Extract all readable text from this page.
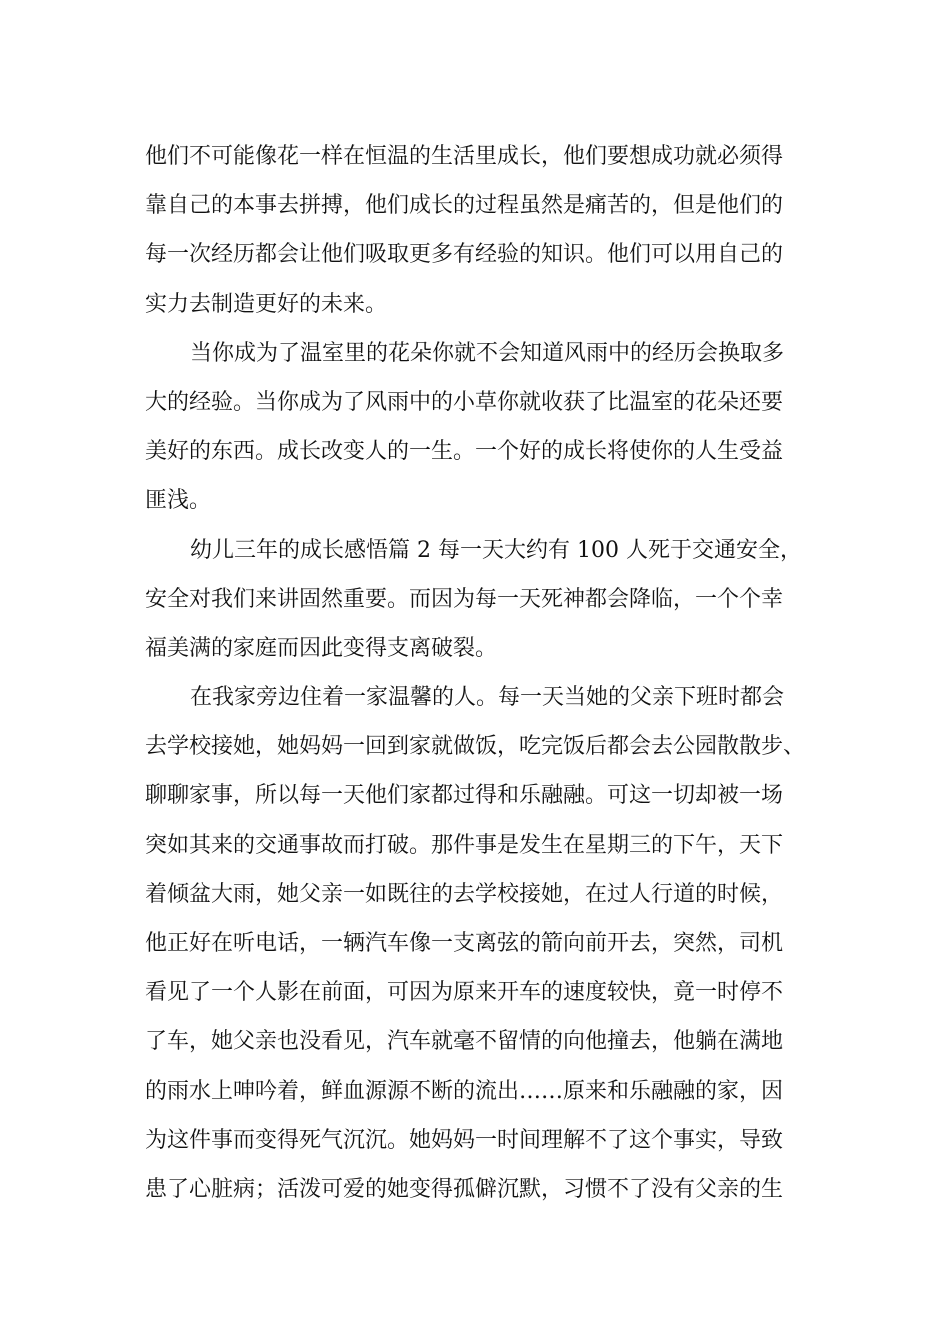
他们不可能像花一样在恒温的生活里成长，他们要想成功就必须得
靠自己的本事去拼搏，他们成长的过程虽然是痛苦的，但是他们的
每一次经历都会让他们吸取更多有经验的知识。他们可以用自己的
实力去制造更好的未来。
当你成为了温室里的花朵你就不会知道风雨中的经历会换取多
大的经验。当你成为了风雨中的小草你就收获了比温室的花朵还要
美好的东西。成长改变人的一生。一个好的成长将使你的人生受益
匪浅。
幼儿三年的成长感悟篇 2 每一天大约有 100 人死于交通安全，
安全对我们来讲固然重要。而因为每一天死神都会降临，一个个幸
福美满的家庭而因此变得支离破裂。
在我家旁边住着一家温馨的人。每一天当她的父亲下班时都会
去学校接她，她妈妈一回到家就做饭，吃完饭后都会去公园散散步、
聊聊家事，所以每一天他们家都过得和乐融融。可这一切却被一场
突如其来的交通事故而打破。那件事是发生在星期三的下午，天下
着倾盆大雨，她父亲一如既往的去学校接她，在过人行道的时候，
他正好在听电话，一辆汽车像一支离弦的箭向前开去，突然，司机
看见了一个人影在前面，可因为原来开车的速度较快，竟一时停不
了车，她父亲也没看见，汽车就毫不留情的向他撞去，他躺在满地
的雨水上呻吟着，鲜血源源不断的流出……原来和乐融融的家，因
为这件事而变得死气沉沉。她妈妈一时间理解不了这个事实，导致
患了心脏病；活泼可爱的她变得孤僻沉默，习惯不了没有父亲的生
